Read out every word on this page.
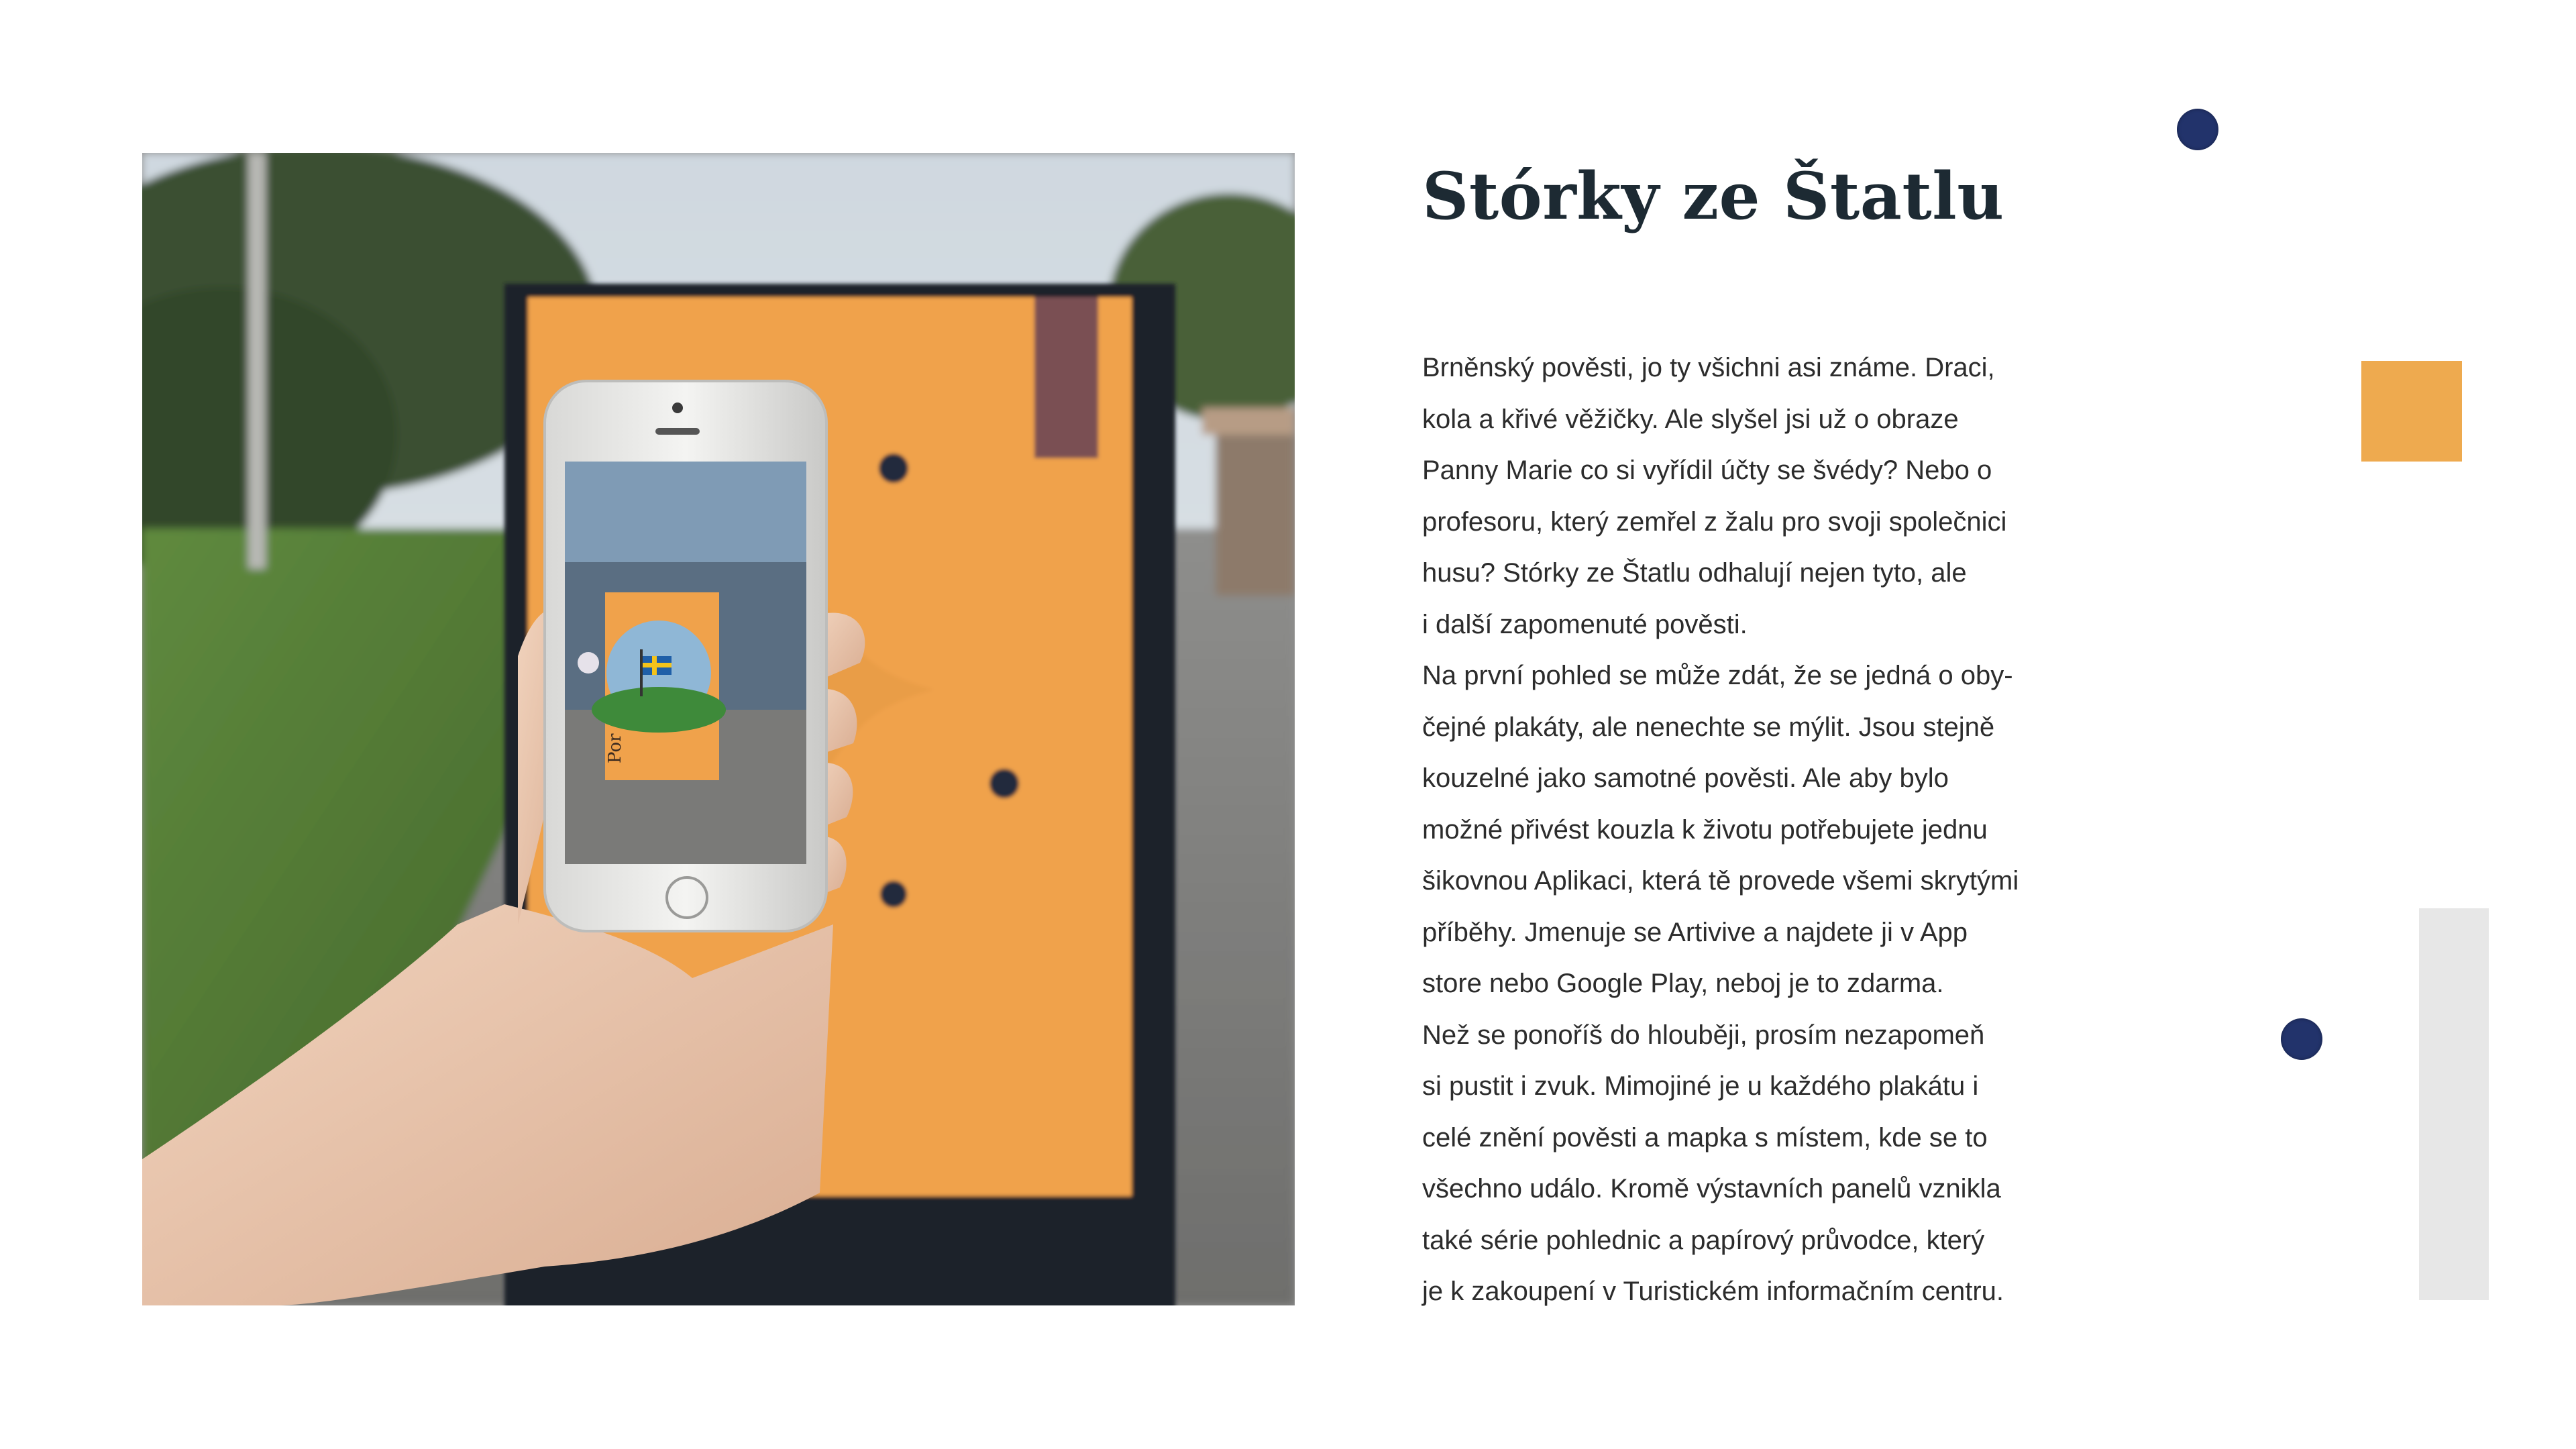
Por
Stórky ze Štatlu
Brněnský pověsti, jo ty všichni asi známe. Draci,
kola a křivé věžičky. Ale slyšel jsi už o obraze
Panny Marie co si vyřídil účty se švédy? Nebo o
profesoru, který zemřel z žalu pro svoji společnici
husu? Stórky ze Štatlu odhalují nejen tyto, ale
i další zapomenuté pověsti.
Na první pohled se může zdát, že se jedná o oby-
čejné plakáty, ale nenechte se mýlit. Jsou stejně
kouzelné jako samotné pověsti. Ale aby bylo
možné přivést kouzla k životu potřebujete jednu
šikovnou Aplikaci, která tě provede všemi skrytými
příběhy. Jmenuje se Artivive a najdete ji v App
store nebo Google Play, neboj je to zdarma.
Než se ponoříš do hlouběji, prosím nezapomeň
si pustit i zvuk. Mimojiné je u každého plakátu i
celé znění pověsti a mapka s místem, kde se to
všechno událo. Kromě výstavních panelů vznikla
také série pohlednic a papírový průvodce, který
je k zakoupení v Turistickém informačním centru.
